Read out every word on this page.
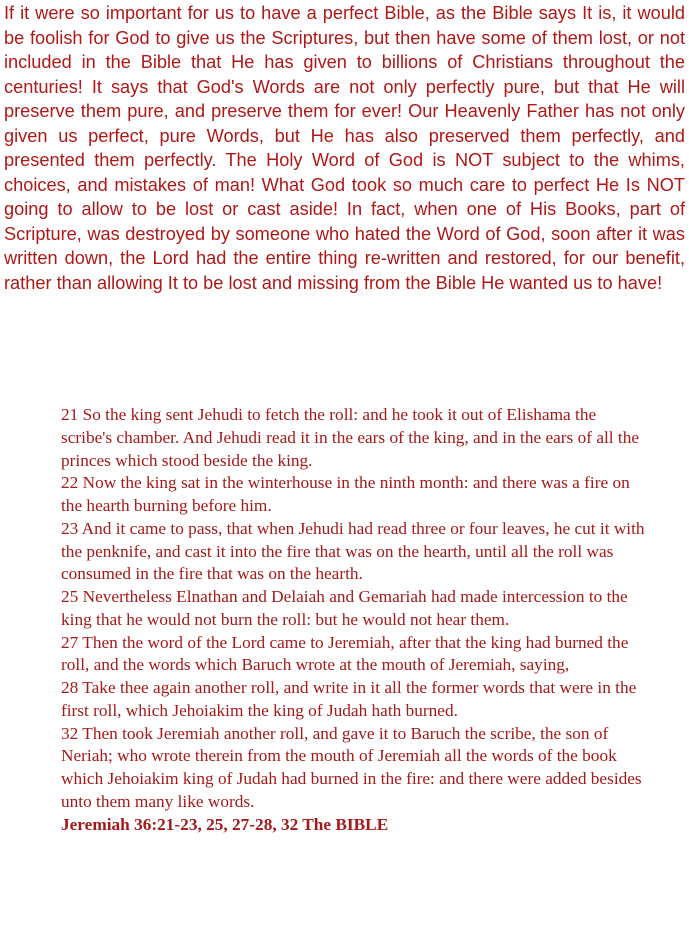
If it were so important for us to have a perfect Bible, as the Bible says It is, it would be foolish for God to give us the Scriptures, but then have some of them lost, or not included in the Bible that He has given to billions of Christians throughout the centuries! It says that God's Words are not only perfectly pure, but that He will preserve them pure, and preserve them for ever! Our Heavenly Father has not only given us perfect, pure Words, but He has also preserved them perfectly, and presented them perfectly. The Holy Word of God is NOT subject to the whims, choices, and mistakes of man! What God took so much care to perfect He Is NOT going to allow to be lost or cast aside! In fact, when one of His Books, part of Scripture, was destroyed by someone who hated the Word of God, soon after it was written down, the Lord had the entire thing re-written and restored, for our benefit, rather than allowing It to be lost and missing from the Bible He wanted us to have!

21 So the king sent Jehudi to fetch the roll: and he took it out of Elishama the scribe's chamber. And Jehudi read it in the ears of the king, and in the ears of all the princes which stood beside the king.

22 Now the king sat in the winterhouse in the ninth month: and there was a fire on the hearth burning before him.

23 And it came to pass, that when Jehudi had read three or four leaves, he cut it with the penknife, and cast it into the fire that was on the hearth, until all the roll was consumed in the fire that was on the hearth.

25 Nevertheless Elnathan and Delaiah and Gemariah had made intercession to the king that he would not burn the roll: but he would not hear them.

27 Then the word of the Lord came to Jeremiah, after that the king had burned the roll, and the words which Baruch wrote at the mouth of Jeremiah, saying,

28 Take thee again another roll, and write in it all the former words that were in the first roll, which Jehoiakim the king of Judah hath burned.

32 Then took Jeremiah another roll, and gave it to Baruch the scribe, the son of Neriah; who wrote therein from the mouth of Jeremiah all the words of the book which Jehoiakim king of Judah had burned in the fire: and there were added besides unto them many like words.

Jeremiah 36:21-23, 25, 27-28, 32 The BIBLE
